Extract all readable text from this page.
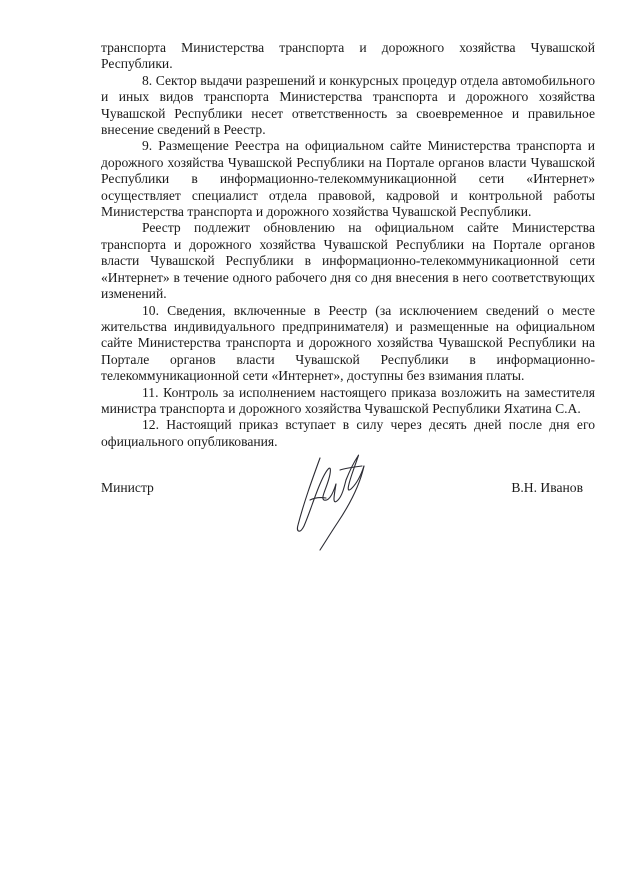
транспорта Министерства транспорта и дорожного хозяйства Чувашской Республики.

8. Сектор выдачи разрешений и конкурсных процедур отдела автомобильного и иных видов транспорта Министерства транспорта и дорожного хозяйства Чувашской Республики несет ответственность за своевременное и правильное внесение сведений в Реестр.

9. Размещение Реестра на официальном сайте Министерства транспорта и дорожного хозяйства Чувашской Республики на Портале органов власти Чувашской Республики в информационно-телекоммуникационной сети «Интернет» осуществляет специалист отдела правовой, кадровой и контрольной работы Министерства транспорта и дорожного хозяйства Чувашской Республики.

Реестр подлежит обновлению на официальном сайте Министерства транспорта и дорожного хозяйства Чувашской Республики на Портале органов власти Чувашской Республики в информационно-телекоммуникационной сети «Интернет» в течение одного рабочего дня со дня внесения в него соответствующих изменений.

10. Сведения, включенные в Реестр (за исключением сведений о месте жительства индивидуального предпринимателя) и размещенные на официальном сайте Министерства транспорта и дорожного хозяйства Чувашской Республики на Портале органов власти Чувашской Республики в информационно-телекоммуникационной сети «Интернет», доступны без взимания платы.

11. Контроль за исполнением настоящего приказа возложить на заместителя министра транспорта и дорожного хозяйства Чувашской Республики Яхатина С.А.

12. Настоящий приказ вступает в силу через десять дней после дня его официального опубликования.

Министр	В.Н. Иванов
